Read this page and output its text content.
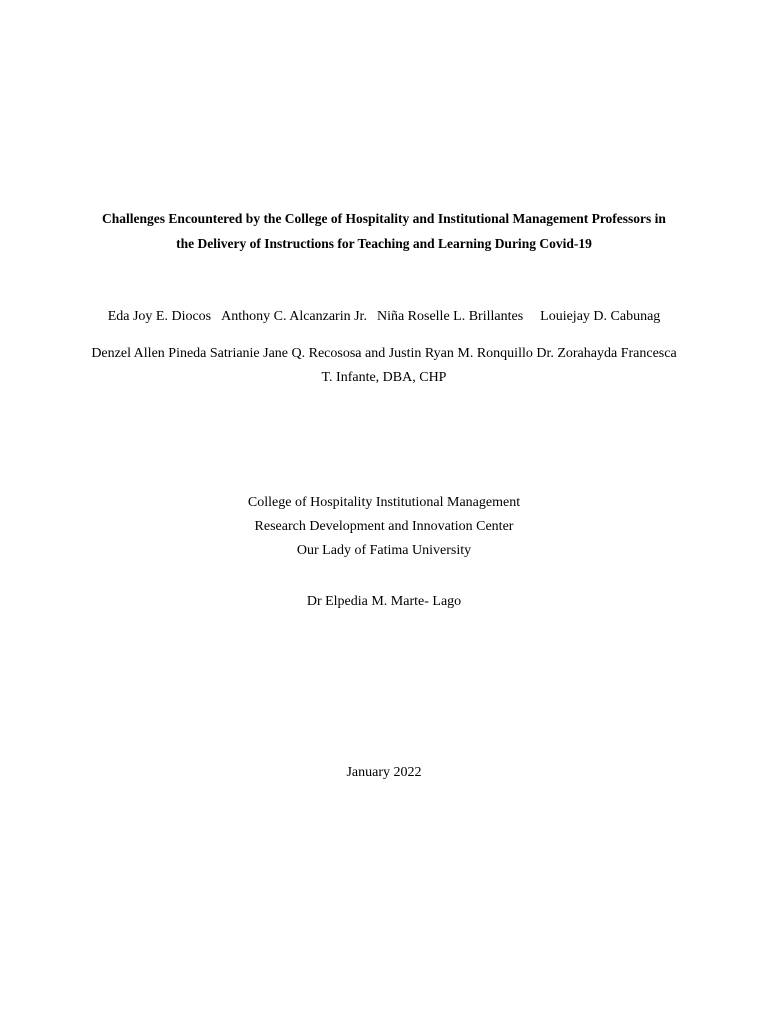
Challenges Encountered by the College of Hospitality and Institutional Management Professors in
the Delivery of Instructions for Teaching and Learning During Covid-19
Eda Joy E. Diocos Anthony C. Alcanzarin Jr. Niña Roselle L. Brillantes Louiejay D. Cabunag
Denzel Allen Pineda Satrianie Jane Q. Recososa and Justin Ryan M. Ronquillo Dr. Zorahayda Francesca
T. Infante, DBA, CHP
College of Hospitality Institutional Management
Research Development and Innovation Center
Our Lady of Fatima University
Dr Elpedia M. Marte- Lago
January 2022
